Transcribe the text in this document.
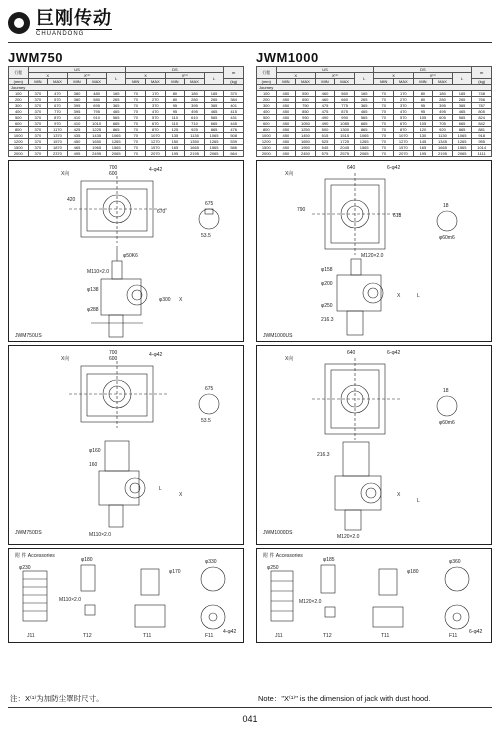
巨刚传动
CHUANDONG
JWM750
行程	US					DS					m
	X		X⁽¹⁾		L	X		X⁽¹⁾		L	
(mm)	MIN	MAX	MIN	MAX		MIN	MAX	MIN	MAX		(kg)
Journey											
100	370	470	380	480	165	70	170	80	180	165	370
200	370	570	380	580	265	70	270	80	280	265	384
300	370	670	395	695	365	70	370	95	395	365	401
400	370	770	395	795	465	70	470	95	495	465	415
500	370	870	410	910	565	70	570	110	610	565	431
600	370	970	410	1010	665	70	670	110	710	665	445
800	370	1170	425	1225	865	70	870	125	925	865	476
1000	370	1370	435	1435	1065	70	1070	135	1135	1065	508
1200	370	1570	450	1650	1265	70	1270	150	1350	1265	539
1500	370	1870	465	1965	1565	70	1570	165	1665	1565	586
2000	370	2370	495	2495	2065	70	2070	195	2195	2065	664
X向
700
600
4-φ42
420
670
675
53.5
φ50K6
M110×2.0
φ138
φ288
φ300 X
JWM750US
X向
700
600
4-φ42
675
53.5
φ160
160
L
X
JWM750DS	M110×2.0
附 件 Accessories
φ230
φ180
M110×2.0
φ170
φ330
4-φ42
J11	T12	T11	F11
JWM1000
行程	US					DS					m
	X		X⁽¹⁾		L	X		X⁽¹⁾		L	
(mm)	MIN	MAX	MIN	MAX		MIN	MAX	MIN	MAX		(kg)
Journey											
100	450	550	460	560	165	70	170	80	180	165	748
200	450	650	460	660	265	70	270	80	280	265	766
300	450	750	475	775	365	70	370	95	395	365	787
400	450	850	475	875	465	70	470	95	495	465	805
500	450	950	490	990	565	70	570	105	605	565	824
600	450	1050	490	1085	665	70	670	105	705	665	842
800	450	1250	500	1300	865	70	870	120	920	865	881
1000	450	1450	515	1515	1065	70	1070	130	1130	1065	918
1200	450	1650	525	1725	1265	70	1270	145	1345	1265	955
1500	450	1950	545	2045	1565	70	1570	165	1665	1565	1014
2000	450	2450	575	2575	2065	70	2070	195	2195	2065	1111
X向
640	6-φ42
790
618
18
φ60m6
M120×2.0
φ158
φ200
φ250
216.3
X	L
JWM1000US
X向
640	6-φ42
18
φ60m6
216.3
X
L
JWM1000DS
M120×2.0
附 件 Accessories
φ250
φ185
M120×2.0
φ180
φ360
6-φ42
J11	T12	T11	F11
注：X⁽¹⁾为加防尘罩时尺寸。	Note："X⁽¹⁾" is the dimension of jack with dust hood.
041
